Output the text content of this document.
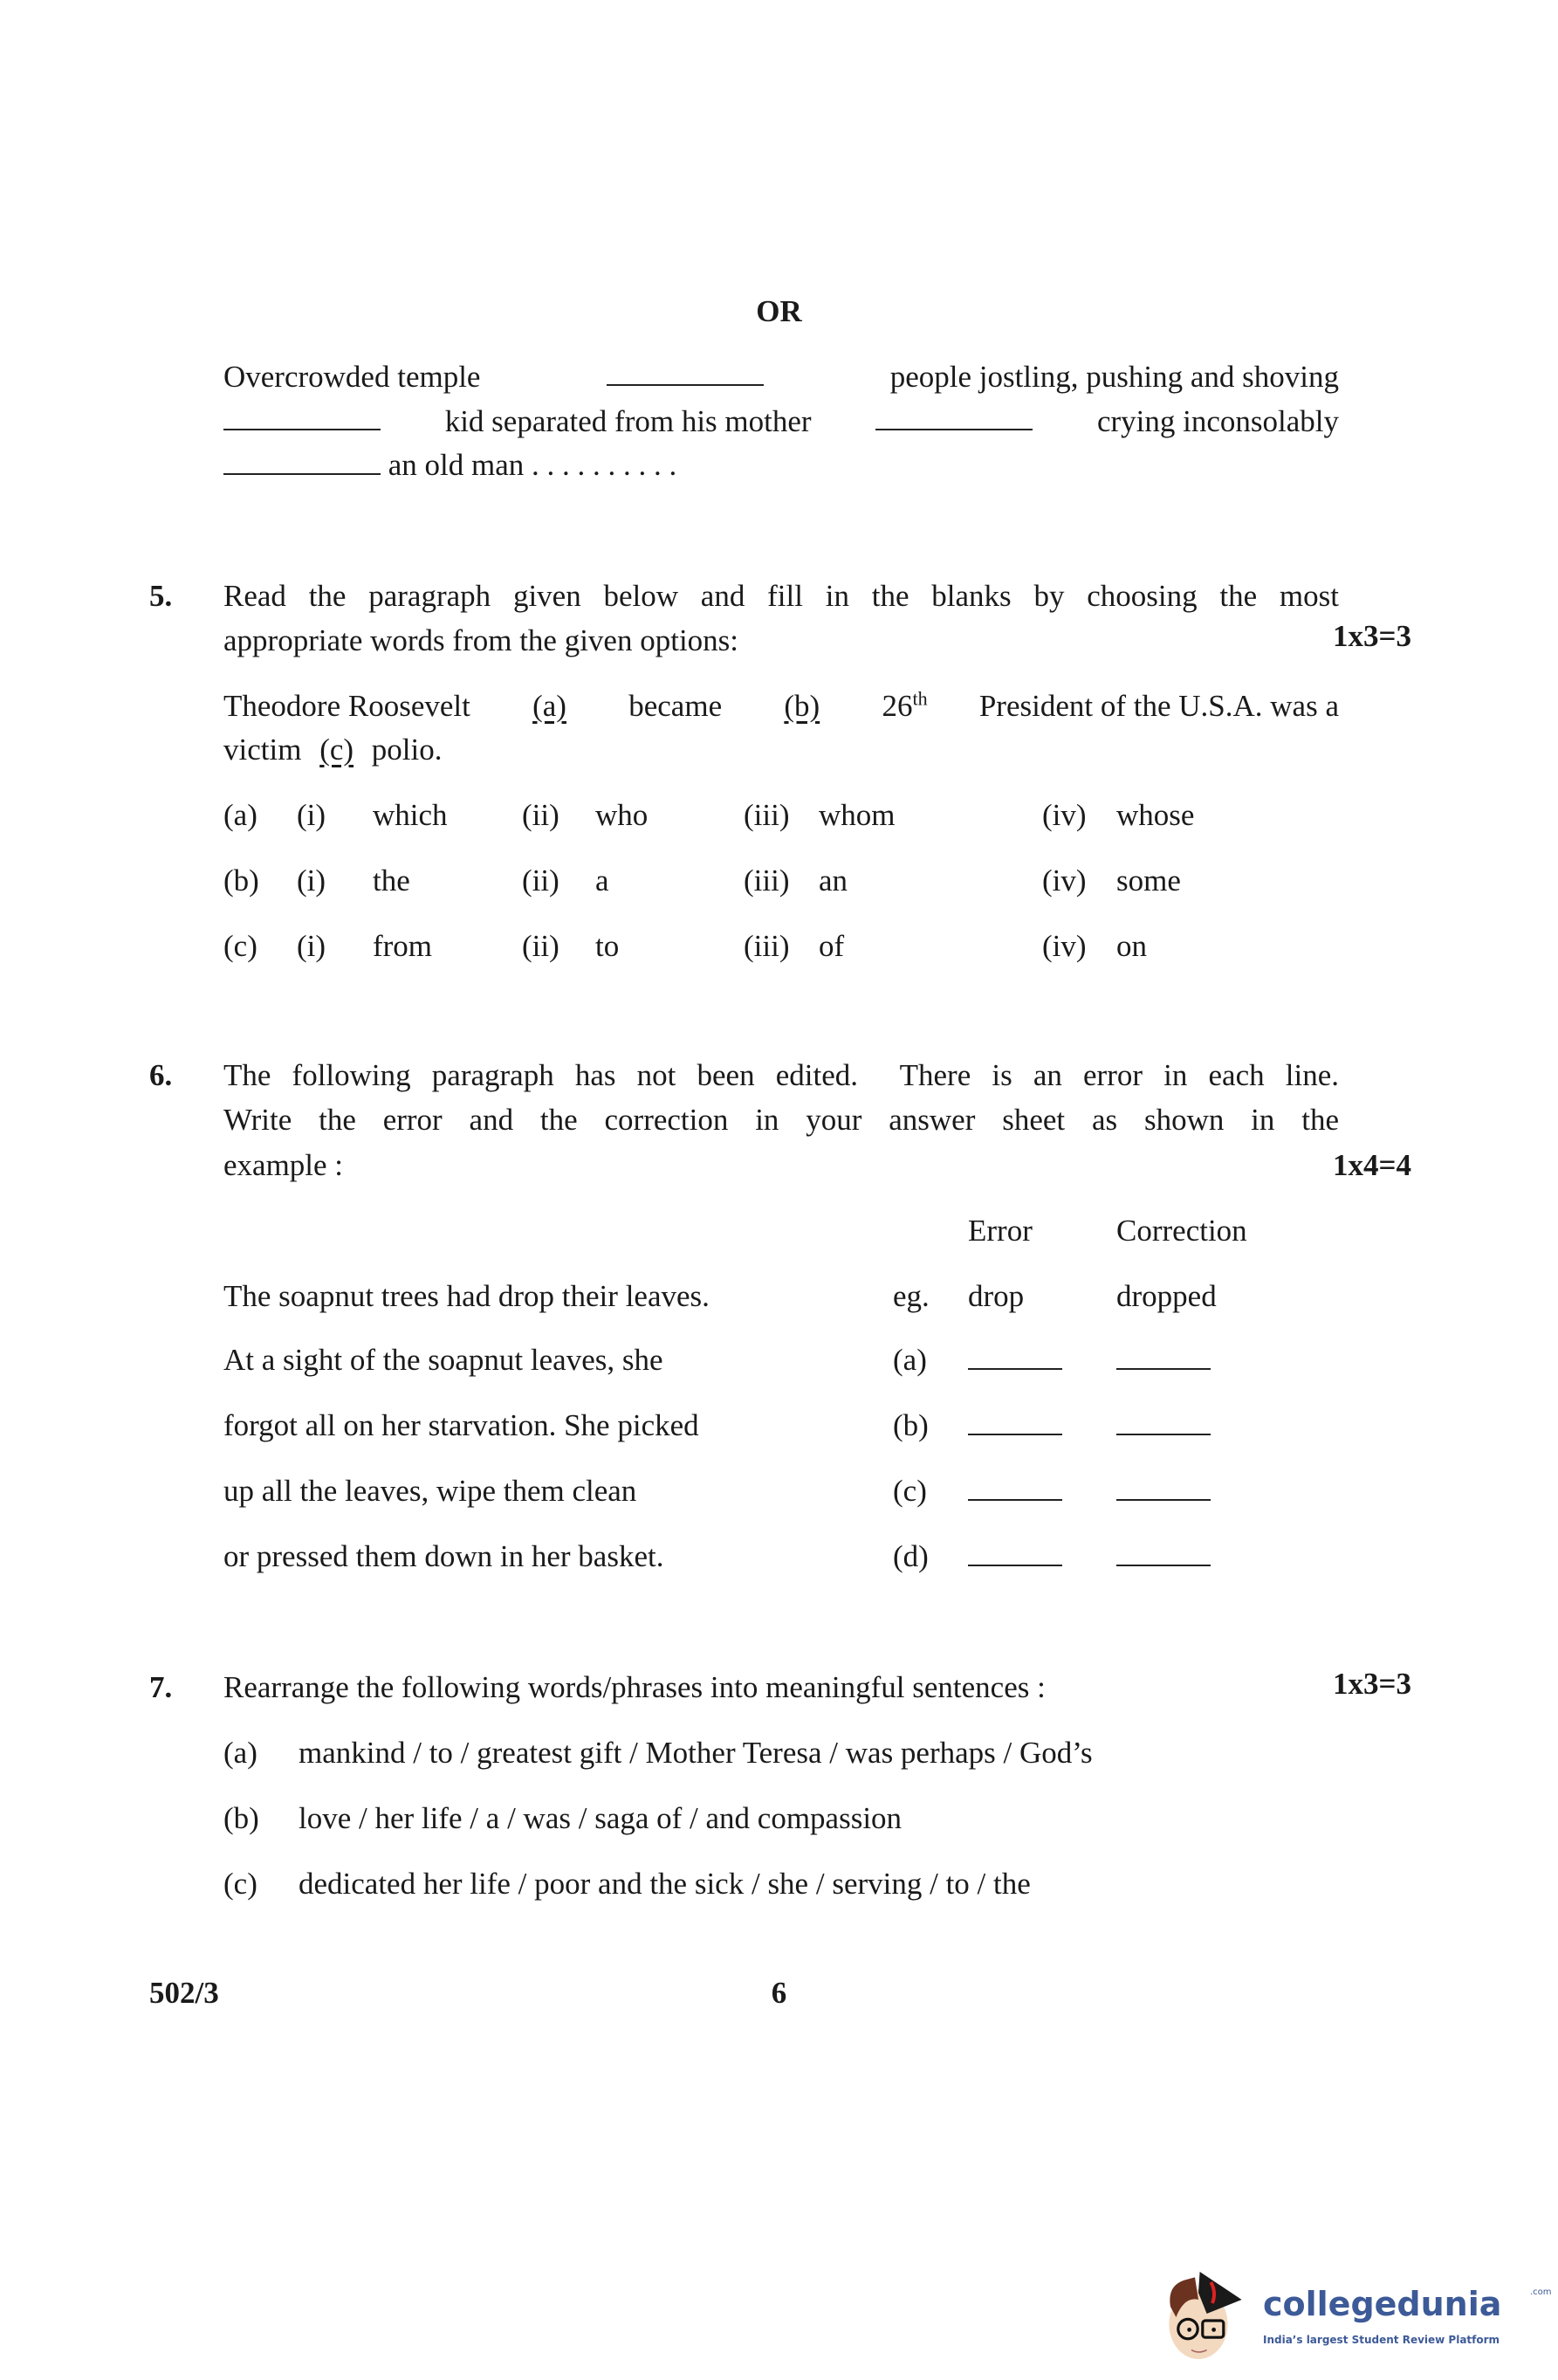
OR
Overcrowded temple	people jostling, pushing and shoving
kid separated from his mother	crying inconsolably
an old man . . . . . . . . . .
5. Read the paragraph given below and fill in the blanks by choosing the most
appropriate words from the given options:	1x3=3
Theodore Roosevelt	(a)	became	(b)	26th President of the U.S.A. was a
victim (c) polio.
(a) (i) which (ii) who	(iii) whom	(iv) whose
(b) (i) the	(ii) a	(iii) an	(iv) some
(c) (i) from	(ii) to	(iii) of	(iv) on
6. The following paragraph has not been edited.  There is an error in each line.
Write the error and the correction in your answer sheet as shown in the
example :	1x4=4
Error	Correction
The soapnut trees had drop their leaves.	eg. drop	dropped
At a sight of the soapnut leaves, she	(a)
forgot all on her starvation. She picked	(b)
up all the leaves, wipe them clean	(c)
or pressed them down in her basket.	(d)
7. Rearrange the following words/phrases into meaningful sentences :	1x3=3
(a) mankind / to / greatest gift / Mother Teresa / was perhaps / God’s
(b) love / her life / a / was / saga of / and compassion
(c) dedicated her life / poor and the sick / she / serving / to / the
502/3	6
collegedunia	.com
India’s largest Student Review Platform
